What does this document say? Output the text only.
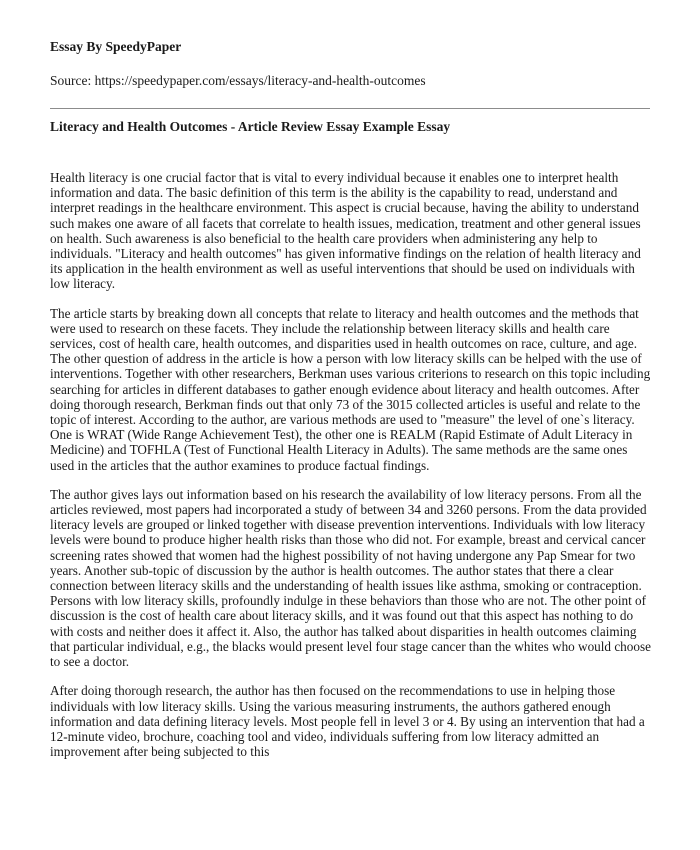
Essay By SpeedyPaper

Source: https://speedypaper.com/essays/literacy-and-health-outcomes

Literacy and Health Outcomes - Article Review Essay Example Essay

Health literacy is one crucial factor that is vital to every individual because it enables one to interpret health information and data. The basic definition of this term is the ability is the capability to read, understand and interpret readings in the healthcare environment. This aspect is crucial because, having the ability to understand such makes one aware of all facets that correlate to health issues, medication, treatment and other general issues on health. Such awareness is also beneficial to the health care providers when administering any help to individuals. "Literacy and health outcomes" has given informative findings on the relation of health literacy and its application in the health environment as well as useful interventions that should be used on individuals with low literacy.

The article starts by breaking down all concepts that relate to literacy and health outcomes and the methods that were used to research on these facets. They include the relationship between literacy skills and health care services, cost of health care, health outcomes, and disparities used in health outcomes on race, culture, and age. The other question of address in the article is how a person with low literacy skills can be helped with the use of interventions. Together with other researchers, Berkman uses various criterions to research on this topic including searching for articles in different databases to gather enough evidence about literacy and health outcomes. After doing thorough research, Berkman finds out that only 73 of the 3015 collected articles is useful and relate to the topic of interest. According to the author, are various methods are used to "measure" the level of one`s literacy. One is WRAT (Wide Range Achievement Test), the other one is REALM (Rapid Estimate of Adult Literacy in Medicine) and TOFHLA (Test of Functional Health Literacy in Adults). The same methods are the same ones used in the articles that the author examines to produce factual findings.

The author gives lays out information based on his research the availability of low literacy persons. From all the articles reviewed, most papers had incorporated a study of between 34 and 3260 persons. From the data provided literacy levels are grouped or linked together with disease prevention interventions. Individuals with low literacy levels were bound to produce higher health risks than those who did not. For example, breast and cervical cancer screening rates showed that women had the highest possibility of not having undergone any Pap Smear for two years. Another sub-topic of discussion by the author is health outcomes. The author states that there a clear connection between literacy skills and the understanding of health issues like asthma, smoking or contraception. Persons with low literacy skills, profoundly indulge in these behaviors than those who are not. The other point of discussion is the cost of health care about literacy skills, and it was found out that this aspect has nothing to do with costs and neither does it affect it. Also, the author has talked about disparities in health outcomes claiming that particular individual, e.g., the blacks would present level four stage cancer than the whites who would choose to see a doctor.

After doing thorough research, the author has then focused on the recommendations to use in helping those individuals with low literacy skills. Using the various measuring instruments, the authors gathered enough information and data defining literacy levels. Most people fell in level 3 or 4. By using an intervention that had a 12-minute video, brochure, coaching tool and video, individuals suffering from low literacy admitted an improvement after being subjected to this
